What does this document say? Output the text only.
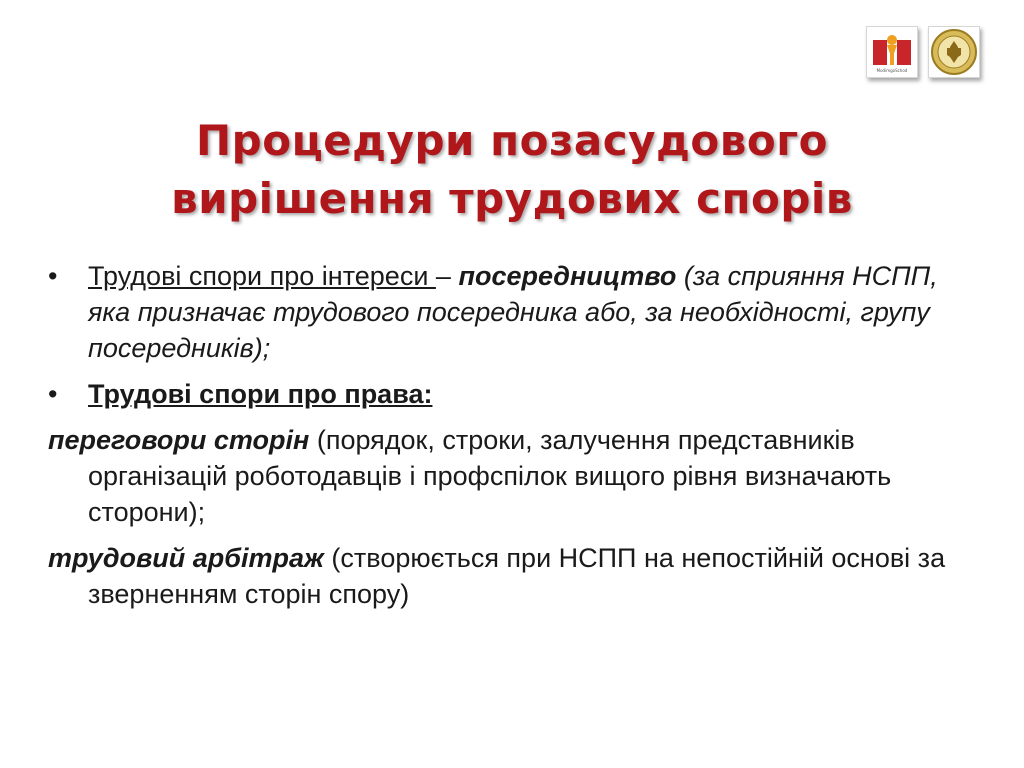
ModimgoSchod
Процедури позасудового
вирішення трудових спорів
• Трудові спори про інтереси – посередництво (за сприяння НСПП, яка призначає трудового посередника або, за необхідності, групу посередників);
• Трудові спори про права:
переговори сторін (порядок, строки, залучення представників організацій роботодавців і профспілок вищого рівня визначають сторони);
трудовий арбітраж (створюється при НСПП на непостійній основі за зверненням сторін спору)
